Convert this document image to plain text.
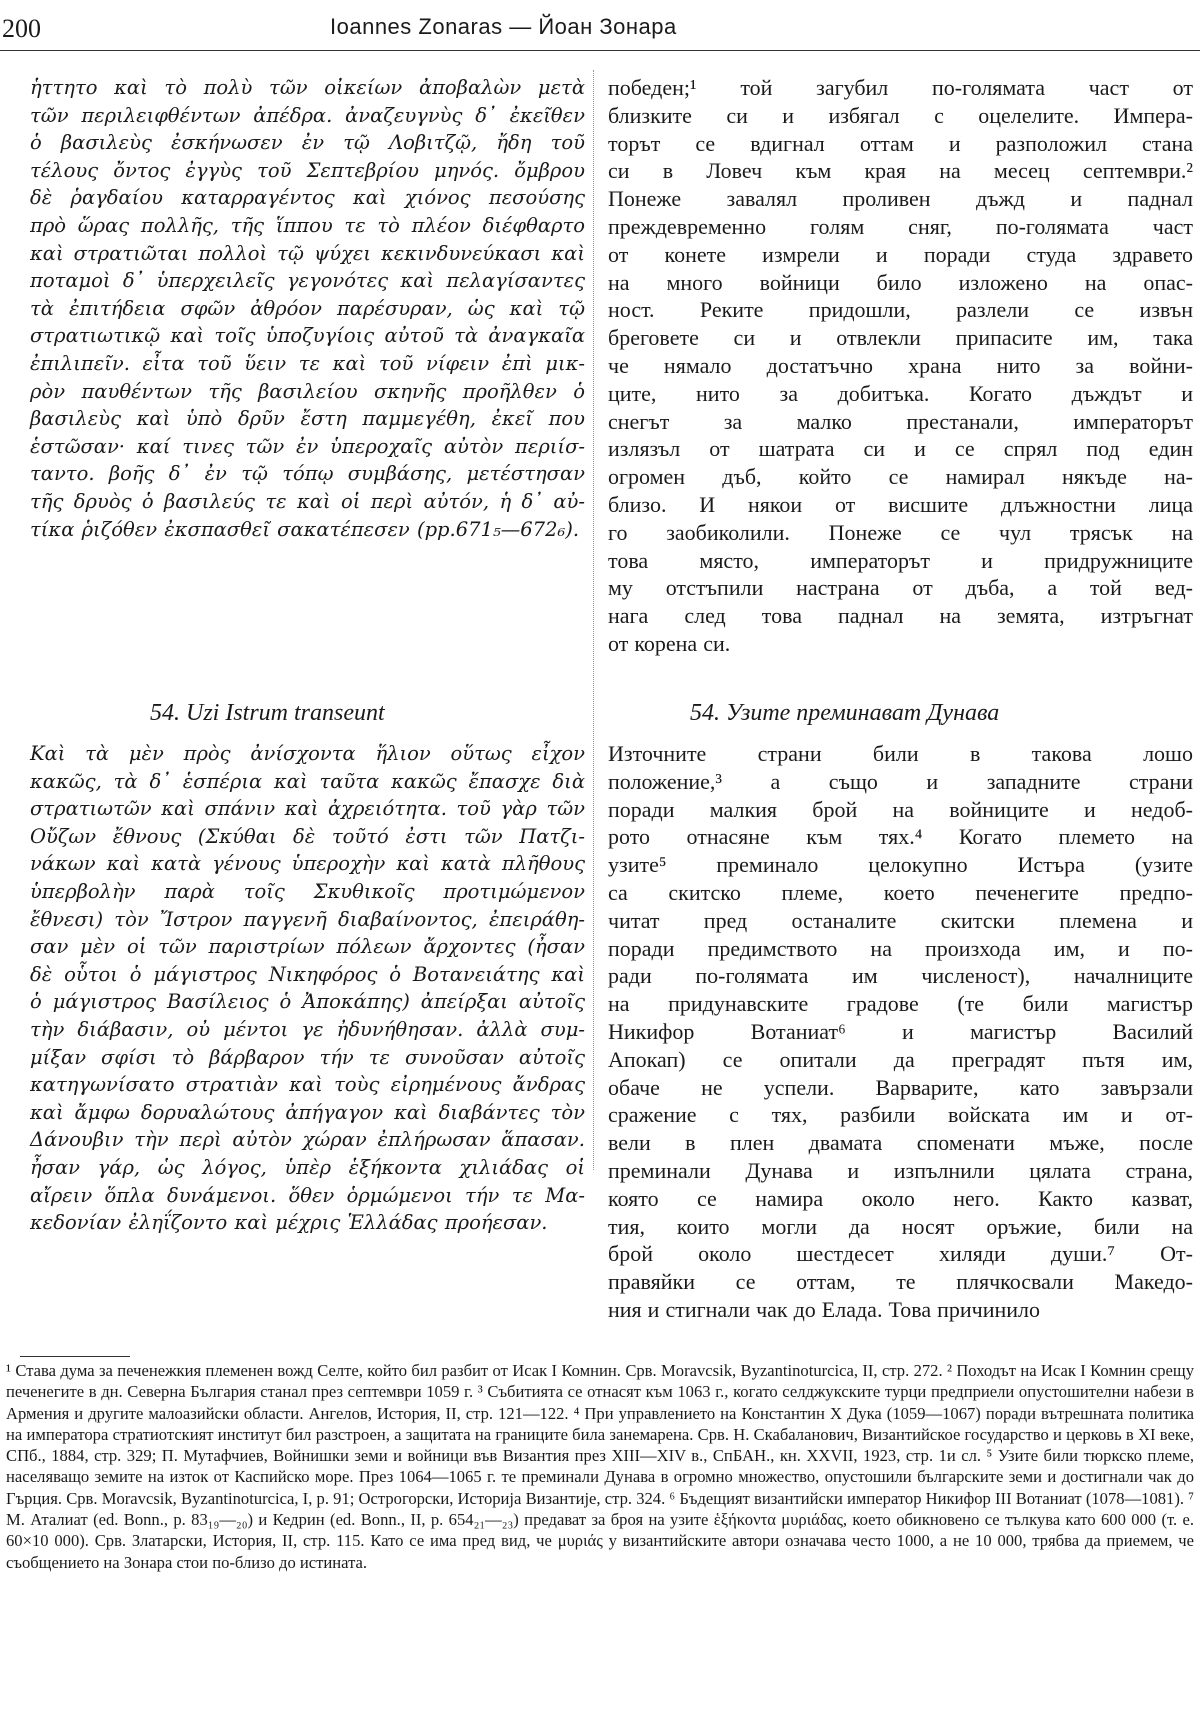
200	Ioannes Zonaras — Йоан Зонара
ἡττητο καὶ τὸ πολὺ τῶν οἰκείων ἀποβαλὼν μετὰ
τῶν περιλειφθέντων ἀπέδρα. ἀναζευγνὺς δ᾽ ἐκεῖθεν
ὁ βασιλεὺς ἐσκήνωσεν ἐν τῷ Λοβιτζῷ, ἤδη τοῦ
τέλους ὄντος ἐγγὺς τοῦ Σεπτεβρίου μηνός. ὄμβρου
δὲ ῥαγδαίου καταρραγέντος καὶ χιόνος πεσούσης
πρὸ ὥρας πολλῆς, τῆς ἵππου τε τὸ πλέον διέφθαρτο
καὶ στρατιῶται πολλοὶ τῷ ψύχει κεκινδυνεύκασι καὶ
ποταμοὶ δ᾽ ὑπερχειλεῖς γεγονότες καὶ πελαγίσαντες
τὰ ἐπιτήδεια σφῶν ἀθρόον παρέσυραν, ὡς καὶ τῷ
στρατιωτικῷ καὶ τοῖς ὑποζυγίοις αὐτοῦ τὰ ἀναγκαῖα
ἐπιλιπεῖν. εἶτα τοῦ ὕειν τε καὶ τοῦ νίφειν ἐπὶ μικ-
ρὸν παυθέντων τῆς βασιλείου σκηνῆς προῆλθεν ὁ
βασιλεὺς καὶ ὑπὸ δρῦν ἔστη παμμεγέθη, ἐκεῖ που
ἑστῶσαν· καί τινες τῶν ἐν ὑπεροχαῖς αὐτὸν περιίσ-
ταντο. βοῆς δ᾽ ἐν τῷ τόπῳ συμβάσης, μετέστησαν
τῆς δρυὸς ὁ βασιλεύς τε καὶ οἱ περὶ αὐτόν, ἡ δ᾽ αὐ-
τίκα ῥιζόθεν ἐκσπασθεῖ σακατέπεσεν (pp.671₅—672₆).
победен;¹ той загубил по-голямата част от
близките си и избягал с оцелелите. Импера-
торът се вдигнал оттам и разположил стана
си в Ловеч към края на месец септември.²
Понеже завалял проливен дъжд и паднал
преждевременно голям сняг, по-голямата част
от конете измрели и поради студа здравето
на много войници било изложено на опас-
ност. Реките придошли, разлели се извън
бреговете си и отвлекли припасите им, така
че нямало достатъчно храна нито за войни-
ците, нито за добитъка. Когато дъждът и
снегът за малко престанали, императорът
излязъл от шатрата си и се спрял под един
огромен дъб, който се намирал някъде на-
близо. И някои от висшите длъжностни лица
го заобиколили. Понеже се чул трясък на
това място, императорът и придружниците
му отстъпили настрана от дъба, а той вед-
нага след това паднал на земята, изтръгнат
от корена си.
54. Uzi Istrum transeunt	54. Узите преминават Дунава
Καὶ τὰ μὲν πρὸς ἀνίσχοντα ἥλιον οὕτως εἶχον
κακῶς, τὰ δ᾽ ἑσπέρια καὶ ταῦτα κακῶς ἔπασχε διὰ
στρατιωτῶν καὶ σπάνιν καὶ ἀχρειότητα. τοῦ γὰρ τῶν
Οὔζων ἔθνους (Σκύθαι δὲ τοῦτό ἐστι τῶν Πατζι-
νάκων καὶ κατὰ γένους ὑπεροχὴν καὶ κατὰ πλῆθους
ὑπερβολὴν παρὰ τοῖς Σκυθικοῖς προτιμώμενον
ἔθνεσι) τὸν Ἴστρον παγγενῆ διαβαίνοντος, ἐπειράθη-
σαν μὲν οἱ τῶν παριστρίων πόλεων ἄρχοντες (ἦσαν
δὲ οὗτοι ὁ μάγιστρος Νικηφόρος ὁ Βοτανειάτης καὶ
ὁ μάγιστρος Βασίλειος ὁ Ἀποκάπης) ἀπείρξαι αὐτοῖς
τὴν διάβασιν, οὐ μέντοι γε ἠδυνήθησαν. ἀλλὰ συμ-
μίξαν σφίσι τὸ βάρβαρον τήν τε συνοῦσαν αὐτοῖς
κατηγωνίσατο στρατιὰν καὶ τοὺς εἰρημένους ἄνδρας
καὶ ἄμφω δορυαλώτους ἀπήγαγον καὶ διαβάντες τὸν
Δάνουβιν τὴν περὶ αὐτὸν χώραν ἐπλήρωσαν ἅπασαν.
ἦσαν γάρ, ὡς λόγος, ὑπὲρ ἑξήκοντα χιλιάδας οἱ
αἴρειν ὅπλα δυνάμενοι. ὅθεν ὁρμώμενοι τήν τε Μα-
κεδονίαν ἐληΐζοντο καὶ μέχρις Ἑλλάδας προήεσαν.
Източните страни били в такова лошо
положение,³ а също и западните страни
поради малкия брой на войниците и недоб-
рото отнасяне към тях.⁴ Когато племето на
узите⁵ преминало целокупно Истъра (узите
са скитско племе, което печенегите предпо-
читат пред останалите скитски племена и
поради предимството на произхода им, и по-
ради по-голямата им численост), началниците
на придунавските градове (те били магистър
Никифор Вотаниат⁶ и магистър Василий
Апокап) се опитали да преградят пътя им,
обаче не успели. Варварите, като завързали
сражение с тях, разбили войската им и от-
вели в плен двамата споменати мъже, после
преминали Дунава и изпълнили цялата страна,
която се намира около него. Както казват,
тия, които могли да носят оръжие, били на
брой около шестдесет хиляди души.⁷ От-
правяйки се оттам, те плячкосвали Македо-
ния и стигнали чак до Елада. Това причинило
¹ Става дума за печенежкия племенен вожд Селте, който бил разбит от Исак I Комнин. Срв. Moravcsik, Byzantinoturcica, II, стр. 272. ² Походът на Исак I Комнин срещу печенегите в дн. Северна България станал през септември 1059 г. ³ Събитията се отнасят към 1063 г., когато селджукските турци предприели опустошителни набези в Армения и другите малоазийски области. Ангелов, История, II, стр. 121—122. ⁴ При управлението на Константин X Дука (1059—1067) поради вътрешната политика на императора стратиотският институт бил разстроен, а защитата на границите била занемарена. Срв. Н. Скабаланович, Византийское государство и церковь в XI веке, СПб., 1884, стр. 329; П. Мутафчиев, Войнишки земи и войници във Византия през XIII—XIV в., СпБАН., кн. XXVII, 1923, стр. 1и сл. ⁵ Узите били тюркско племе, населяващо земите на изток от Каспийско море. През 1064—1065 г. те преминали Дунава в огромно множество, опустошили българските земи и достигнали чак до Гърция. Срв. Moravcsik, Byzantinoturcica, I, p. 91; Острогорски, Историја Византије, стр. 324. ⁶ Бъдещият византийски император Никифор III Вотаниат (1078—1081). ⁷ М. Аталиат (ed. Bonn., p. 83₁₉—₂₀) и Кедрин (ed. Bonn., II, p. 654₂₁—₂₃) предават за броя на узите ἑξήκοντα μυριάδας, което обикновено се тълкува като 600 000 (т. е. 60×10 000). Срв. Златарски, История, II, стр. 115. Като се има пред вид, че μυριάς у византийските автори означава често 1000, а не 10 000, трябва да приемем, че съобщението на Зонара стои по-близо до истината.
